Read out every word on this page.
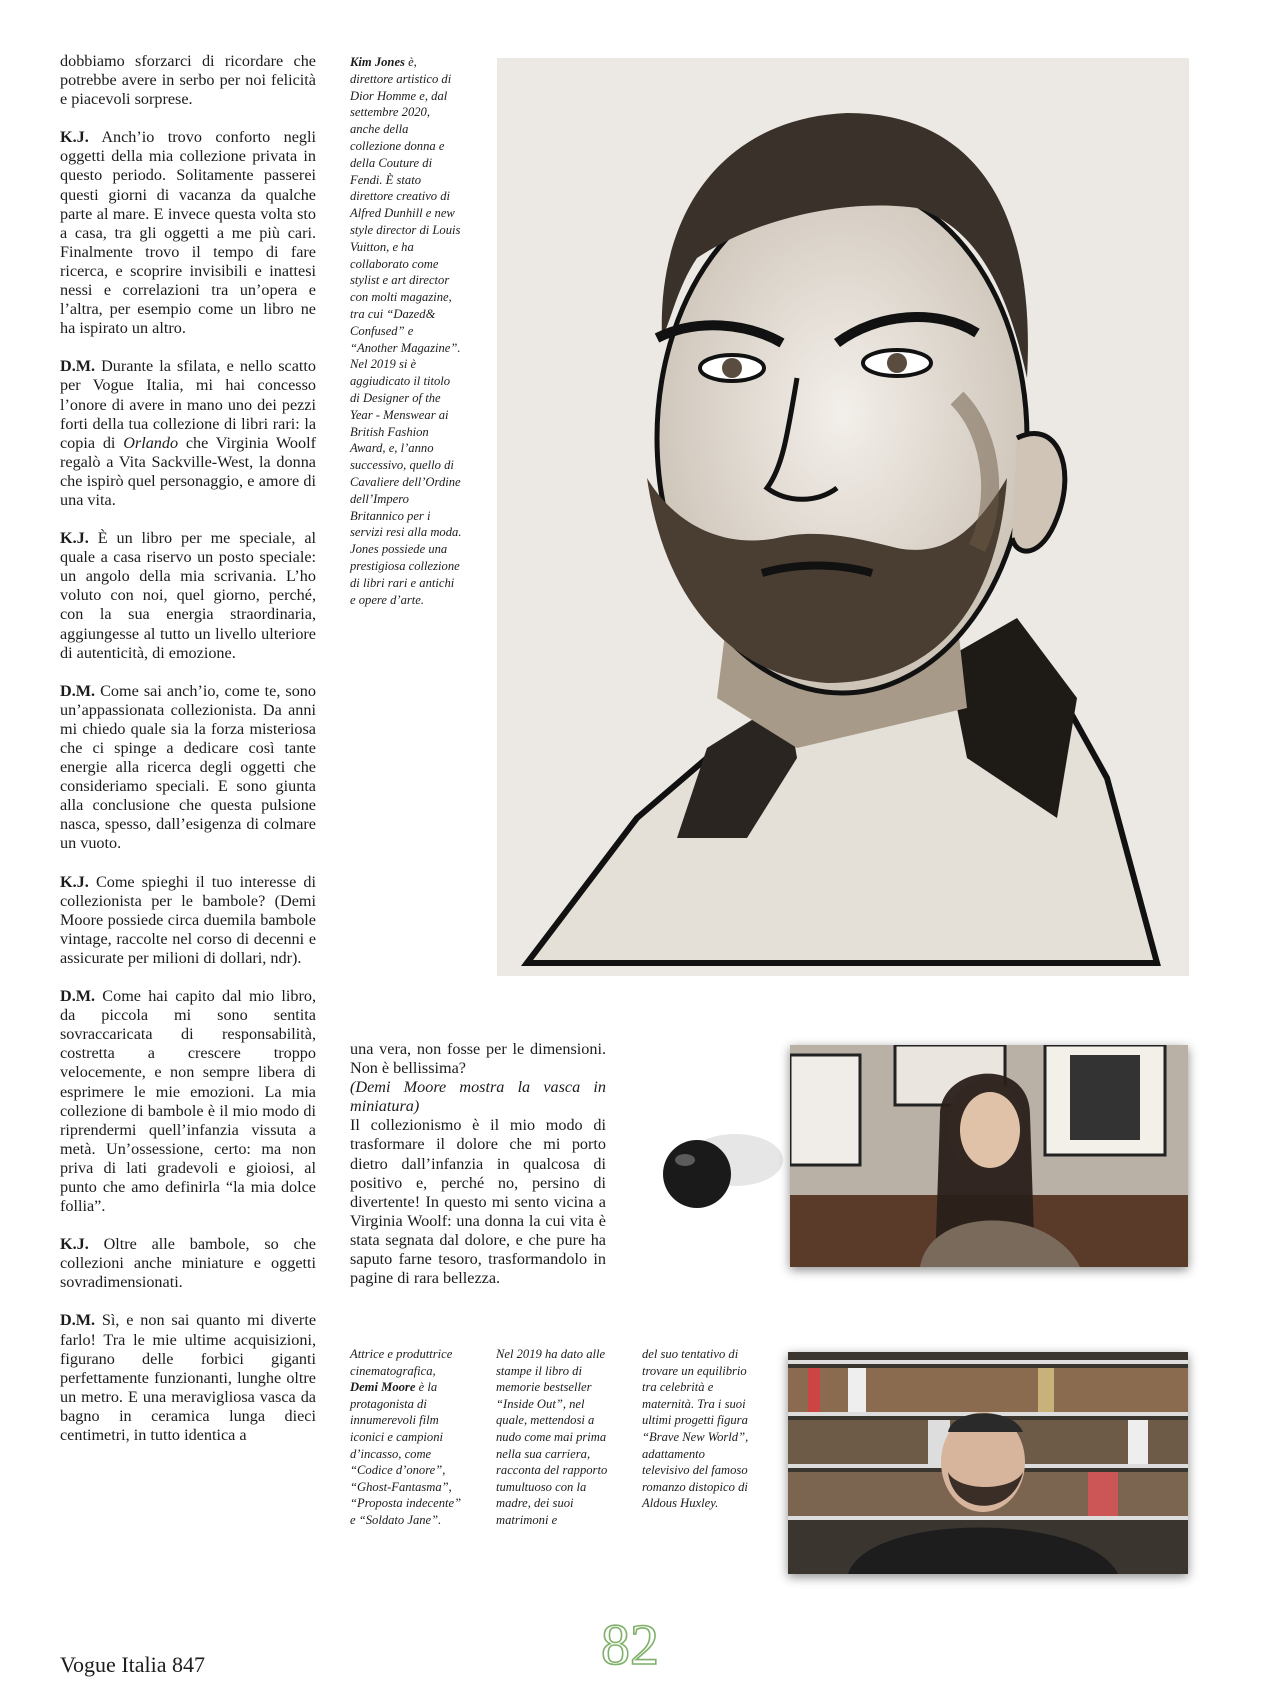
dobbiamo sforzarci di ricordare che potrebbe avere in serbo per noi felicità e piacevoli sorprese.

K.J. Anch’io trovo conforto negli oggetti della mia collezione privata in questo periodo. Solitamente passerei questi giorni di vacanza da qualche parte al mare. E invece questa volta sto a casa, tra gli oggetti a me più cari. Finalmente trovo il tempo di fare ricerca, e scoprire invisibili e inattesi nessi e correlazioni tra un’opera e l’altra, per esempio come un libro ne ha ispirato un altro.

D.M. Durante la sfilata, e nello scatto per Vogue Italia, mi hai concesso l’onore di avere in mano uno dei pezzi forti della tua collezione di libri rari: la copia di Orlando che Virginia Woolf regalò a Vita Sackville-West, la donna che ispirò quel personaggio, e amore di una vita.

K.J. È un libro per me speciale, al quale a casa riservo un posto speciale: un angolo della mia scrivania. L’ho voluto con noi, quel giorno, perché, con la sua energia straordinaria, aggiungesse al tutto un livello ulteriore di autenticità, di emozione.

D.M. Come sai anch’io, come te, sono un’appassionata collezionista. Da anni mi chiedo quale sia la forza misteriosa che ci spinge a dedicare così tante energie alla ricerca degli oggetti che consideriamo speciali. E sono giunta alla conclusione che questa pulsione nasca, spesso, dall’esigenza di colmare un vuoto.

K.J. Come spieghi il tuo interesse di collezionista per le bambole? (Demi Moore possiede circa duemila bambole vintage, raccolte nel corso di decenni e assicurate per milioni di dollari, ndr).

D.M. Come hai capito dal mio libro, da piccola mi sono sentita sovraccaricata di responsabilità, costretta a crescere troppo velocemente, e non sempre libera di esprimere le mie emozioni. La mia collezione di bambole è il mio modo di riprendermi quell’infanzia vissuta a metà. Un’ossessione, certo: ma non priva di lati gradevoli e gioiosi, al punto che amo definirla “la mia dolce follia”.

K.J. Oltre alle bambole, so che collezioni anche miniature e oggetti sovradimensionati.

D.M. Sì, e non sai quanto mi diverte farlo! Tra le mie ultime acquisizioni, figurano delle forbici giganti perfettamente funzionanti, lunghe oltre un metro. E una meravigliosa vasca da bagno in ceramica lunga dieci centimetri, in tutto identica a

Kim Jones è, direttore artistico di Dior Homme e, dal settembre 2020, anche della collezione donna e della Couture di Fendi. È stato direttore creativo di Alfred Dunhill e new style director di Louis Vuitton, e ha collaborato come stylist e art director con molti magazine, tra cui “Dazed& Confused” e “Another Magazine”. Nel 2019 si è aggiudicato il titolo di Designer of the Year - Menswear ai British Fashion Award, e, l’anno successivo, quello di Cavaliere dell’Ordine dell’Impero Britannico per i servizi resi alla moda. Jones possiede una prestigiosa collezione di libri rari e antichi e opere d’arte.

una vera, non fosse per le dimensioni. Non è bellissima?

(Demi Moore mostra la vasca in miniatura)

Il collezionismo è il mio modo di trasformare il dolore che mi porto dietro dall’infanzia in qualcosa di positivo e, perché no, persino di divertente! In questo mi sento vicina a Virginia Woolf: una donna la cui vita è stata segnata dal dolore, e che pure ha saputo farne tesoro, trasformandolo in pagine di rara bellezza.

Attrice e produttrice cinematografica, Demi Moore è la protagonista di innumerevoli film iconici e campioni d’incasso, come “Codice d’onore”, “Ghost-Fantasma”, “Proposta indecente” e “Soldato Jane”.
Nel 2019 ha dato alle stampe il libro di memorie bestseller “Inside Out”, nel quale, mettendosi a nudo come mai prima nella sua carriera, racconta del rapporto tumultuoso con la madre, dei suoi matrimoni e
del suo tentativo di trovare un equilibrio tra celebrità e maternità. Tra i suoi ultimi progetti figura “Brave New World”, adattamento televisivo del famoso romanzo distopico di Aldous Huxley.
Vogue Italia 847	82
